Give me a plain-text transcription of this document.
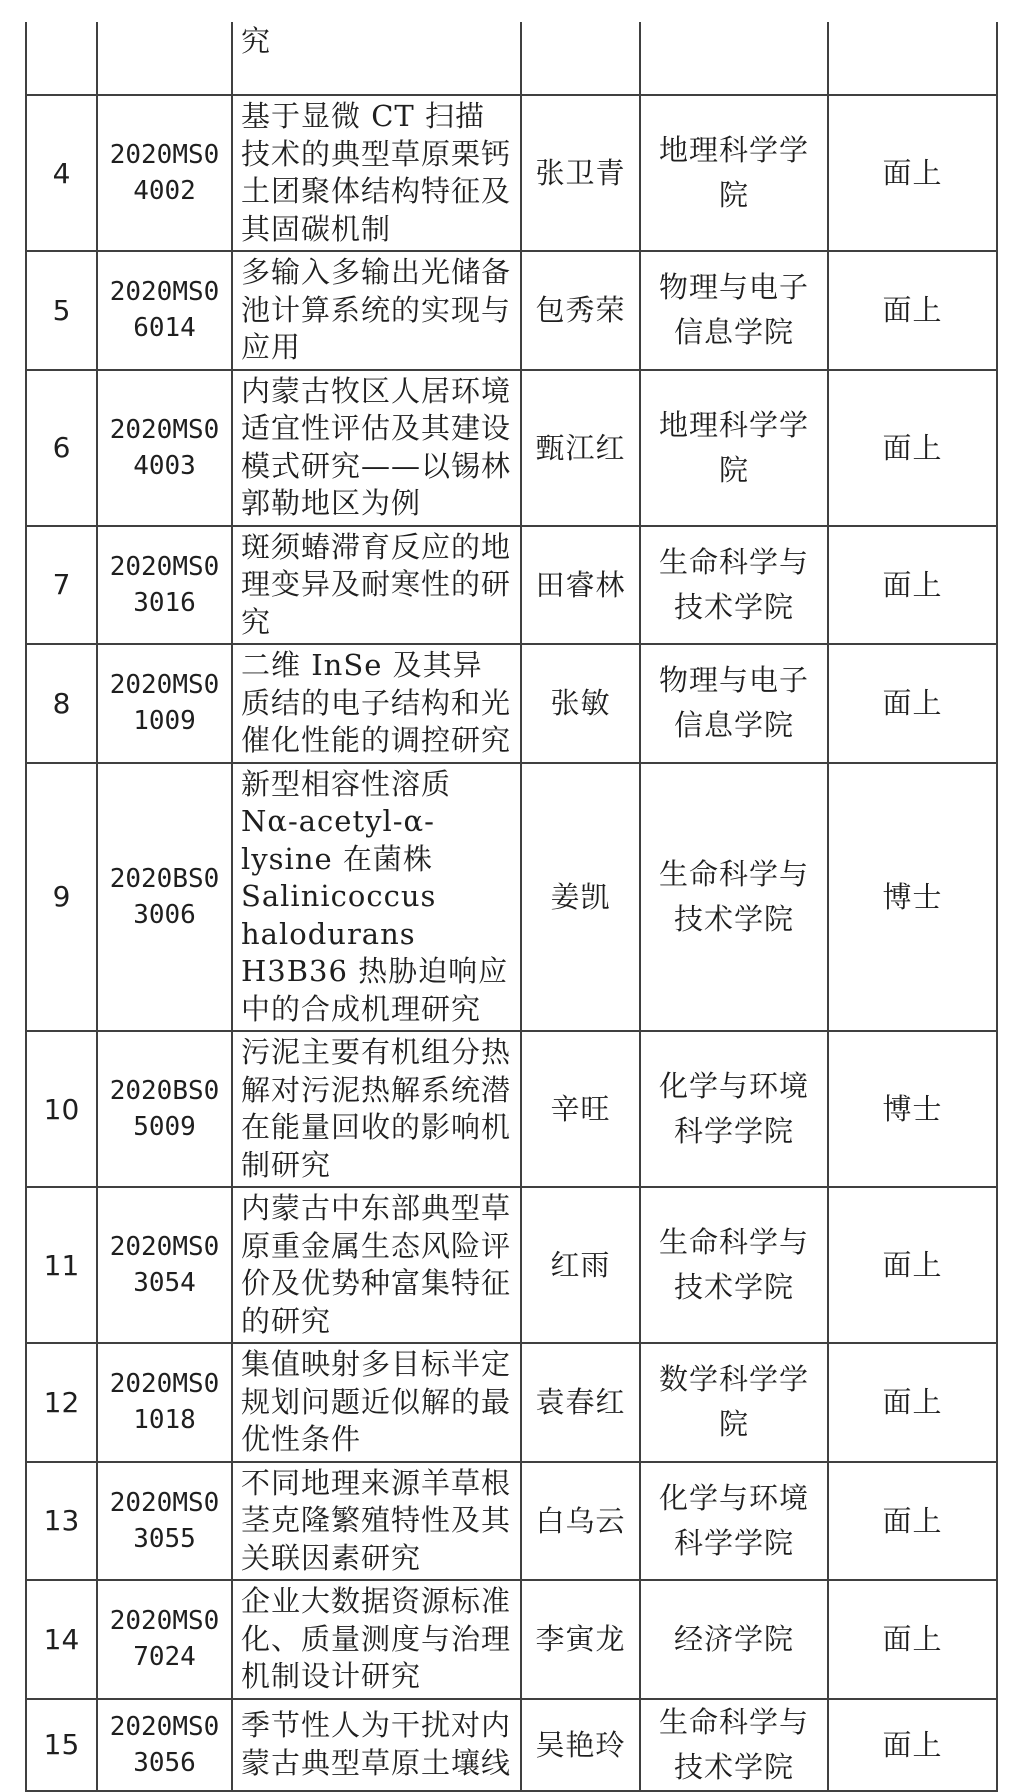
		究			
4	2020MS04002	基于显微 CT 扫描技术的典型草原栗钙土团聚体结构特征及其固碳机制	张卫青	地理科学学院	面上
5	2020MS06014	多输入多输出光储备池计算系统的实现与应用	包秀荣	物理与电子信息学院	面上
6	2020MS04003	内蒙古牧区人居环境适宜性评估及其建设模式研究——以锡林郭勒地区为例	甄江红	地理科学学院	面上
7	2020MS03016	斑须蝽滞育反应的地理变异及耐寒性的研究	田睿林	生命科学与技术学院	面上
8	2020MS01009	二维 InSe 及其异质结的电子结构和光催化性能的调控研究	张敏	物理与电子信息学院	面上
9	2020BS03006	新型相容性溶质 Nα-acetyl-α-lysine 在菌株Salinicoccus halodurans H3B36 热胁迫响应中的合成机理研究	姜凯	生命科学与技术学院	博士
10	2020BS05009	污泥主要有机组分热解对污泥热解系统潜在能量回收的影响机制研究	辛旺	化学与环境科学学院	博士
11	2020MS03054	内蒙古中东部典型草原重金属生态风险评价及优势种富集特征的研究	红雨	生命科学与技术学院	面上
12	2020MS01018	集值映射多目标半定规划问题近似解的最优性条件	袁春红	数学科学学院	面上
13	2020MS03055	不同地理来源羊草根茎克隆繁殖特性及其关联因素研究	白乌云	化学与环境科学学院	面上
14	2020MS07024	企业大数据资源标准化、质量测度与治理机制设计研究	李寅龙	经济学院	面上
15	2020MS03056	季节性人为干扰对内蒙古典型草原土壤线	吴艳玲	生命科学与技术学院	面上
